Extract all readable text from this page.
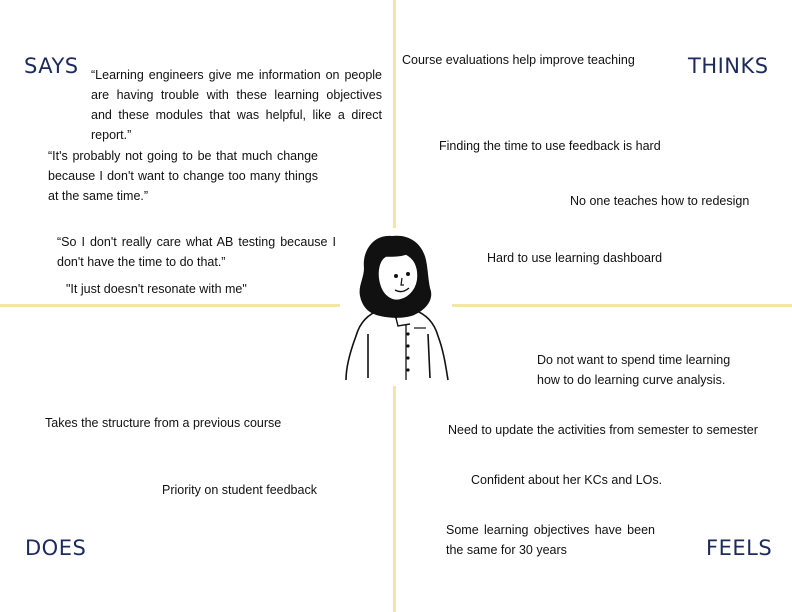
SAYS	THINKS
DOES	FEELS

“Learning engineers give me information on people are having trouble with these learning objectives and these modules that was helpful, like a direct report.”

“It's probably not going to be that much change because I don't want to change too many things at the same time.”

“So I don't really care what AB testing because I don't have the time to do that.”

"It just doesn't resonate with me"

Course evaluations help improve teaching

Finding the time to use feedback is hard

No one teaches how to redesign

Hard to use learning dashboard

Takes the structure from a previous course

Priority on student feedback

Do not want to spend time learning how to do learning curve analysis.

Need to update the activities from semester to semester

Confident about her KCs and LOs.

Some learning objectives have been the same for 30 years
